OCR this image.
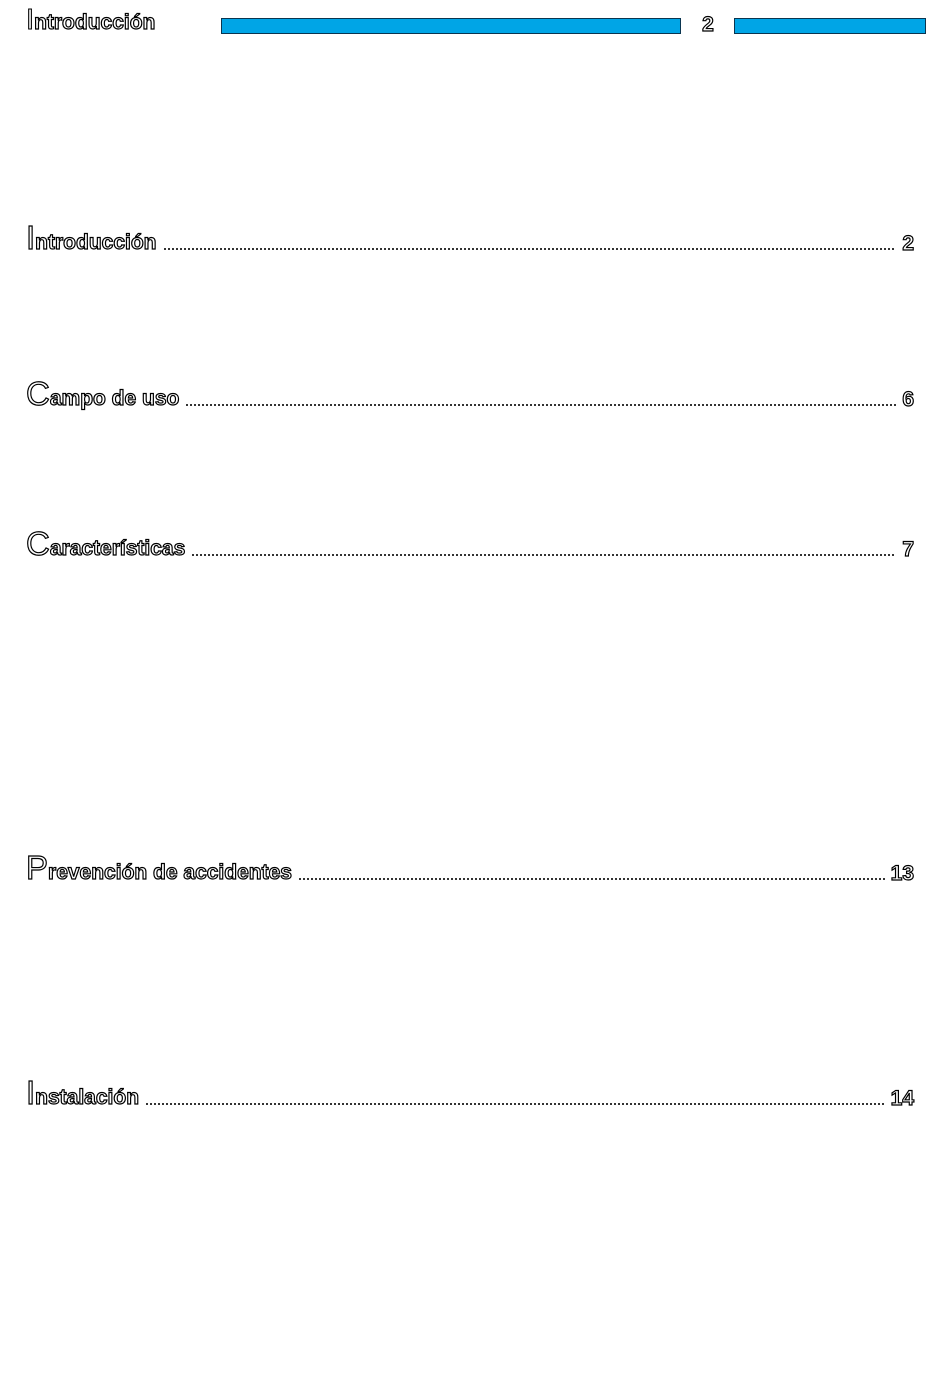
Introducción	2
Introducción	2
Campo de uso	6
Características	7
Prevención de accidentes	13
Instalación	14
